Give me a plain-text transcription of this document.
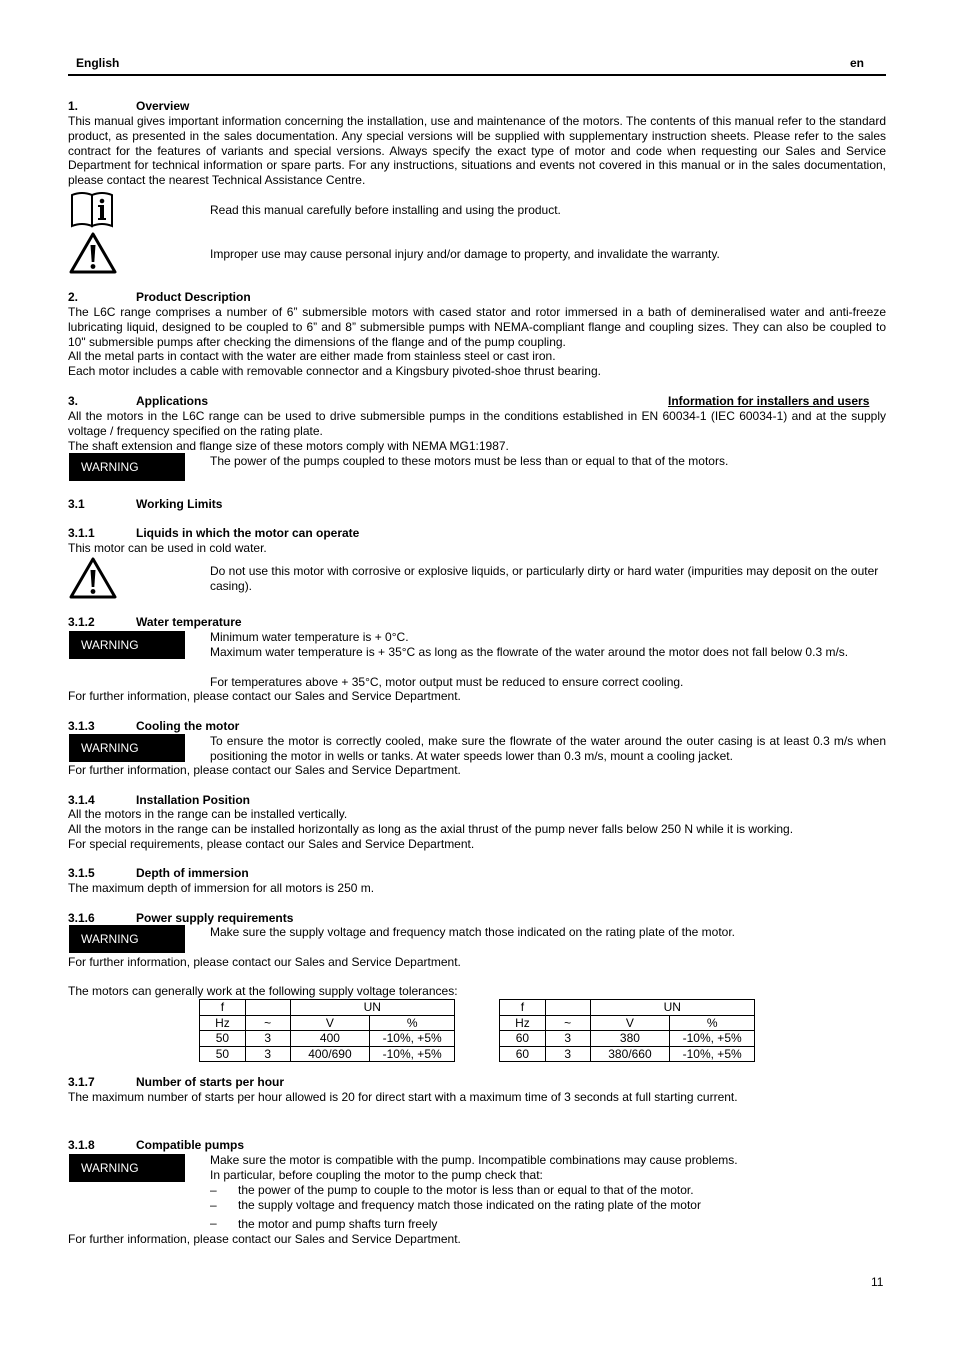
English	en
1.	Overview
This manual gives important information concerning the installation, use and maintenance of the motors. The contents of this manual refer to the standard product, as presented in the sales documentation. Any special versions will be supplied with supplementary instruction sheets. Please refer to the sales contract for the features of variants and special versions. Always specify the exact type of motor and code when requesting our Sales and Service Department for technical information or spare parts. For any instructions, situations and events not covered in this manual or in the sales documentation, please contact the nearest Technical Assistance Centre.
Read this manual carefully before installing and using the product.
Improper use may cause personal injury and/or damage to property, and invalidate the warranty.
2.	Product Description
The L6C range comprises a number of 6” submersible motors with cased stator and rotor immersed in a bath of demineralised water and anti-freeze lubricating liquid, designed to be coupled to 6” and 8” submersible pumps with NEMA-compliant flange and coupling sizes. They can also be coupled to 10" submersible pumps after checking the dimensions of the flange and of the pump coupling.
All the metal parts in contact with the water are either made from stainless steel or cast iron.
Each motor includes a cable with removable connector and a Kingsbury pivoted-shoe thrust bearing.
3.	Applications	Information for installers and users
All the motors in the L6C range can be used to drive submersible pumps in the conditions established in EN 60034-1 (IEC 60034-1) and at the supply voltage / frequency specified on the rating plate.
The shaft extension and flange size of these motors comply with NEMA MG1:1987.
WARNING	The power of the pumps coupled to these motors must be less than or equal to that of the motors.
3.1	Working Limits
3.1.1	Liquids in which the motor can operate
This motor can be used in cold water.
Do not use this motor with corrosive or explosive liquids, or particularly dirty or hard water (impurities may deposit on the outer casing).
3.1.2	Water temperature
WARNING
Minimum water temperature is + 0°C.
Maximum water temperature is + 35°C as long as the flowrate of the water around the motor does not fall below 0.3 m/s.
For temperatures above + 35°C, motor output must be reduced to ensure correct cooling.
For further information, please contact our Sales and Service Department.
3.1.3	Cooling the motor
WARNING	To ensure the motor is correctly cooled, make sure the flowrate of the water around the outer casing is at least 0.3 m/s when positioning the motor in wells or tanks. At water speeds lower than 0.3 m/s, mount a cooling jacket.
For further information, please contact our Sales and Service Department.
3.1.4	Installation Position
All the motors in the range can be installed vertically.
All the motors in the range can be installed horizontally as long as the axial thrust of the pump never falls below 250 N while it is working.
For special requirements, please contact our Sales and Service Department.
3.1.5	Depth of immersion
The maximum depth of immersion for all motors is 250 m.
3.1.6	Power supply requirements
WARNING	Make sure the supply voltage and frequency match those indicated on the rating plate of the motor.
For further information, please contact our Sales and Service Department.
The motors can generally work at the following supply voltage tolerances:
f		UN	
Hz	~	V	%
50	3	400	-10%, +5%
50	3	400/690	-10%, +5%
f		UN	
Hz	~	V	%
60	3	380	-10%, +5%
60	3	380/660	-10%, +5%
3.1.7	Number of starts per hour
The maximum number of starts per hour allowed is 20 for direct start with a maximum time of 3 seconds at full starting current.
3.1.8	Compatible pumps
WARNING
Make sure the motor is compatible with the pump. Incompatible combinations may cause problems.
In particular, before coupling the motor to the pump check that:
– the power of the pump to couple to the motor is less than or equal to that of the motor.
– the supply voltage and frequency match those indicated on the rating plate of the motor
– the motor and pump shafts turn freely
For further information, please contact our Sales and Service Department.
11
